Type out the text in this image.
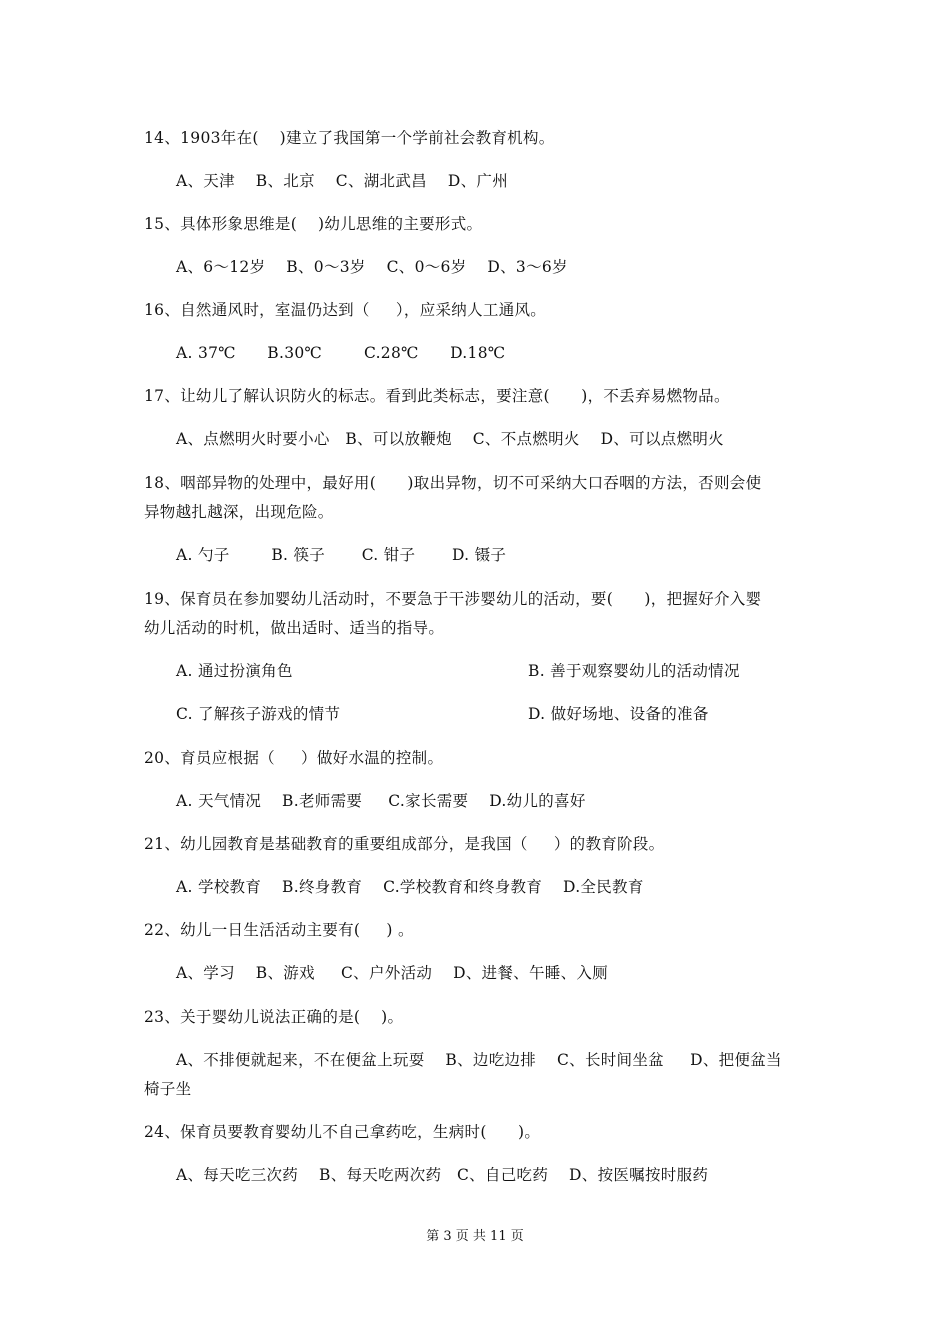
14、1903年在(    )建立了我国第一个学前社会教育机构。
A、天津    B、北京    C、湖北武昌    D、广州
15、具体形象思维是(    )幼儿思维的主要形式。
A、6～12岁    B、0～3岁    C、0～6岁    D、3～6岁
16、自然通风时，室温仍达到（     ），应采纳人工通风。
A. 37℃      B.30℃        C.28℃      D.18℃
17、让幼儿了解认识防火的标志。看到此类标志，要注意(      )，不丢弃易燃物品。
A、点燃明火时要小心   B、可以放鞭炮    C、不点燃明火    D、可以点燃明火
18、咽部异物的处理中，最好用(      )取出异物，切不可采纳大口吞咽的方法，否则会使
异物越扎越深，出现危险。
A. 勺子        B. 筷子       C. 钳子       D. 镊子
19、保育员在参加婴幼儿活动时，不要急于干涉婴幼儿的活动，要(      )，把握好介入婴
幼儿活动的时机，做出适时、适当的指导。
A. 通过扮演角色	B. 善于观察婴幼儿的活动情况
C. 了解孩子游戏的情节	D. 做好场地、设备的准备
20、育员应根据（     ）做好水温的控制。
A. 天气情况    B.老师需要     C.家长需要    D.幼儿的喜好
21、幼儿园教育是基础教育的重要组成部分，是我国（     ）的教育阶段。
A. 学校教育    B.终身教育    C.学校教育和终身教育    D.全民教育
22、幼儿一日生活活动主要有(     ) 。
A、学习    B、游戏     C、户外活动    D、进餐、午睡、入厕
23、关于婴幼儿说法正确的是(    )。
A、不排便就起来，不在便盆上玩耍    B、边吃边排    C、长时间坐盆     D、把便盆当
椅子坐
24、保育员要教育婴幼儿不自己拿药吃，生病时(      )。
A、每天吃三次药    B、每天吃两次药   C、自己吃药    D、按医嘱按时服药
第 3 页 共 11 页
